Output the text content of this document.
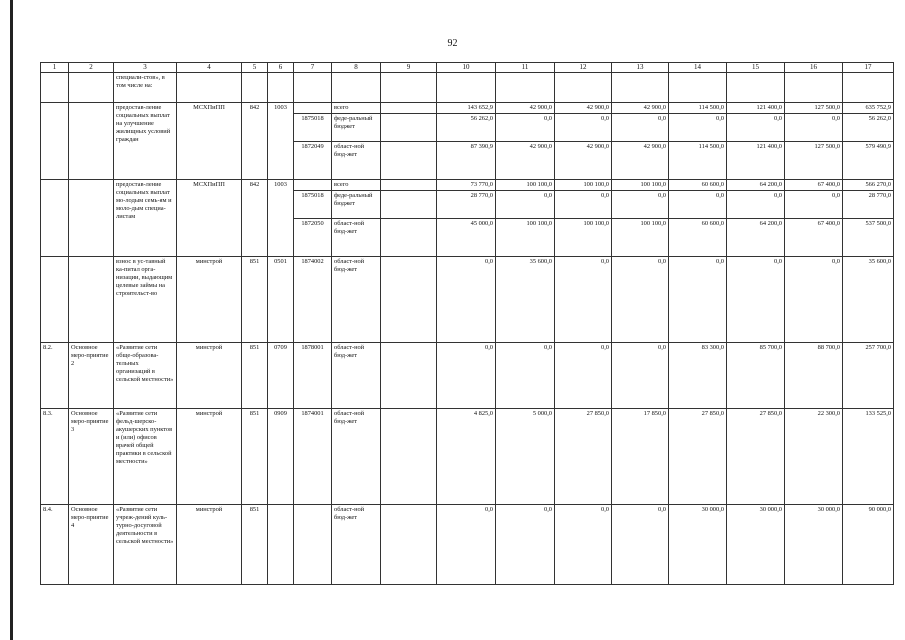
92
1	2	3	4	5	6	7	8	9	10	11	12	13	14	15	16	17
		специали-стов», в том числе на:														
		предостав-ление социальных выплат на улучшение жилищных условий граждан	МСХПиПП	842	1003		всего		143 652,9	42 900,0	42 900,0	42 900,0	114 500,0	121 400,0	127 500,0	635 752,9
						1875018	феде-ральный бюджет		56 262,0	0,0	0,0	0,0	0,0	0,0	0,0	56 262,0
						1872049	област-ной бюд-жет		87 390,9	42 900,0	42 900,0	42 900,0	114 500,0	121 400,0	127 500,0	579 490,9
		предостав-ление социальных выплат мо-лодым семь-ям и моло-дым специа-листам	МСХПиПП	842	1003		всего		73 770,0	100 100,0	100 100,0	100 100,0	60 600,0	64 200,0	67 400,0	566 270,0
						1875018	феде-ральный бюджет		28 770,0	0,0	0,0	0,0	0,0	0,0	0,0	28 770,0
						1872050	област-ной бюд-жет		45 000,0	100 100,0	100 100,0	100 100,0	60 600,0	64 200,0	67 400,0	537 500,0
		взнос в ус-тавный ка-питал орга-низации, выдающим целевые займы на строительст-во	минстрой	851	0501	1874002	област-ной бюд-жет		0,0	35 600,0	0,0	0,0	0,0	0,0	0,0	35 600,0
8.2.	Основное меро-приятие 2	«Развитие сети обще-образова-тельных организаций в сельской местности»	минстрой	851	0709	1878001	област-ной бюд-жет		0,0	0,0	0,0	0,0	83 300,0	85 700,0	88 700,0	257 700,0
8.3.	Основное меро-приятие 3	«Развитие сети фельд-шерско-акушерских пунктов и (или) офисов врачей общей практики в сельской местности»	минстрой	851	0909	1874001	област-ной бюд-жет		4 825,0	5 000,0	27 850,0	17 850,0	27 850,0	27 850,0	22 300,0	133 525,0
8.4.	Основное меро-приятие 4	«Развитие сети учреж-дений куль-турно-досуговой деятельности в сельской местности»	минстрой	851			област-ной бюд-жет		0,0	0,0	0,0	0,0	30 000,0	30 000,0	30 000,0	90 000,0
